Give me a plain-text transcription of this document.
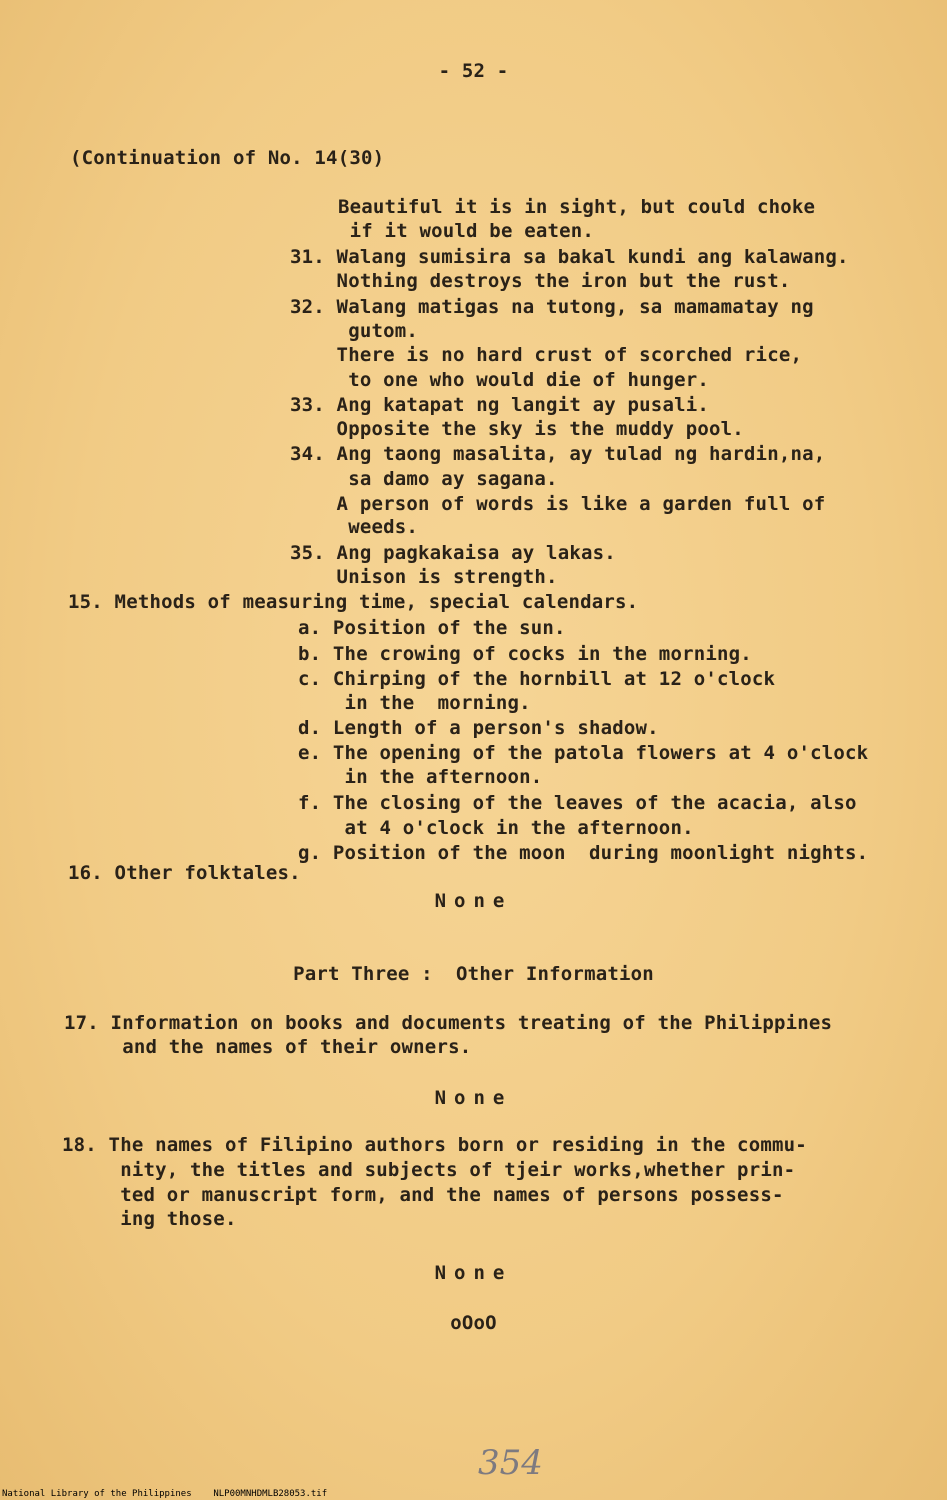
- 52 -
(Continuation of No. 14(30)
Beautiful it is in sight, but could choke
if it would be eaten.
31. Walang sumisira sa bakal kundi ang kalawang.
Nothing destroys the iron but the rust.
32. Walang matigas na tutong, sa mamamatay ng
gutom.
There is no hard crust of scorched rice,
to one who would die of hunger.
33. Ang katapat ng langit ay pusali.
Opposite the sky is the muddy pool.
34. Ang taong masalita, ay tulad ng hardin,na,
sa damo ay sagana.
A person of words is like a garden full of
weeds.
35. Ang pagkakaisa ay lakas.
Unison is strength.
15. Methods of measuring time, special calendars.
a. Position of the sun.
b. The crowing of cocks in the morning.
c. Chirping of the hornbill at 12 o'clock
in the  morning.
d. Length of a person's shadow.
e. The opening of the patola flowers at 4 o'clock
in the afternoon.
f. The closing of the leaves of the acacia, also
at 4 o'clock in the afternoon.
g. Position of the moon  during moonlight nights.
16. Other folktales.
None
Part Three :  Other Information
17. Information on books and documents treating of the Philippines
and the names of their owners.
None
18. The names of Filipino authors born or residing in the commu-
nity, the titles and subjects of tjeir works,whether prin-
ted or manuscript form, and the names of persons possess-
ing those.
None
oOoO
354
National Library of the Philippines NLP00MNHDMLB28053.tif
